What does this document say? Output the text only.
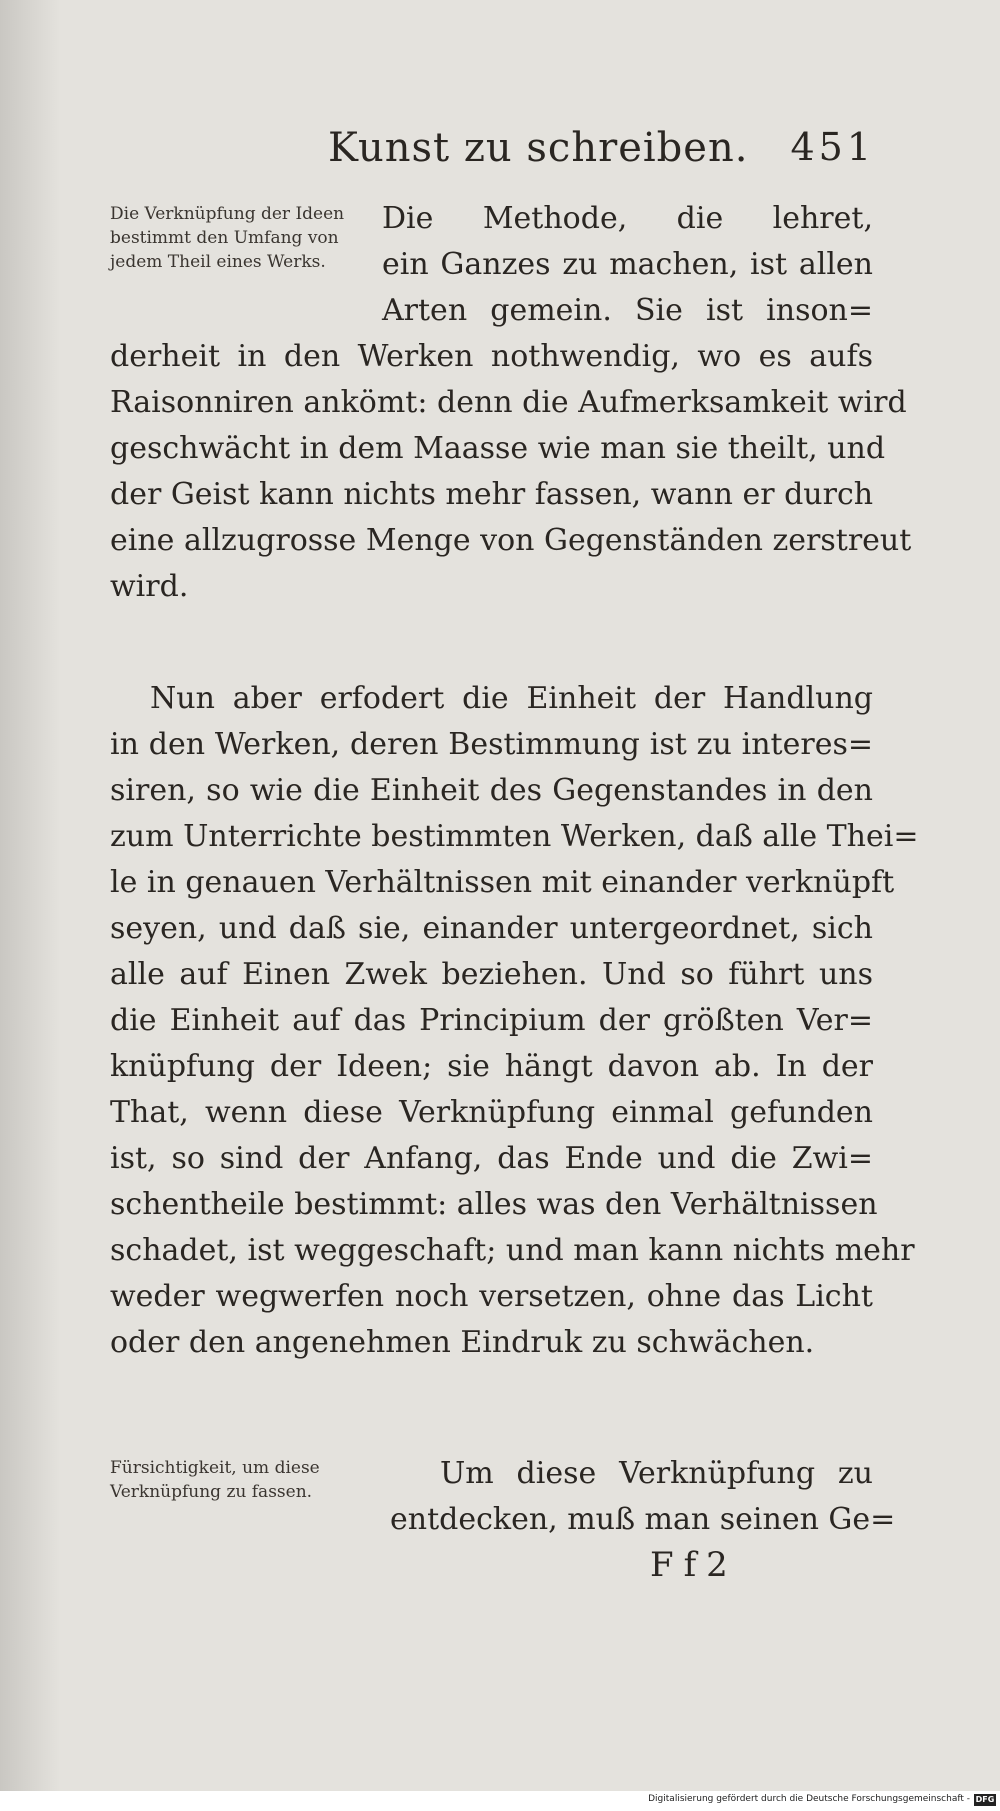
Kunst zu schreiben. 451
Die Verknüpfung der Ideen bestimmt den Umfang von jedem Theil eines Werks.
Die Methode, die lehret,
ein Ganzes zu machen, ist allen
Arten gemein. Sie ist inson=
derheit in den Werken nothwendig, wo es aufs
Raisonniren ankömt: denn die Aufmerksamkeit wird
geschwächt in dem Maasse wie man sie theilt, und
der Geist kann nichts mehr fassen, wann er durch
eine allzugrosse Menge von Gegenständen zerstreut
wird.
Nun aber erfodert die Einheit der Handlung
in den Werken, deren Bestimmung ist zu interes=
siren, so wie die Einheit des Gegenstandes in den
zum Unterrichte bestimmten Werken, daß alle Thei=
le in genauen Verhältnissen mit einander verknüpft
seyen, und daß sie, einander untergeordnet, sich
alle auf Einen Zwek beziehen. Und so führt uns
die Einheit auf das Principium der größten Ver=
knüpfung der Ideen; sie hängt davon ab. In der
That, wenn diese Verknüpfung einmal gefunden
ist, so sind der Anfang, das Ende und die Zwi=
schentheile bestimmt: alles was den Verhältnissen
schadet, ist weggeschaft; und man kann nichts mehr
weder wegwerfen noch versetzen, ohne das Licht
oder den angenehmen Eindruk zu schwächen.
Fürsichtigkeit, um diese Verknüpfung zu fassen.
Um diese Verknüpfung zu
entdecken, muß man seinen Ge=
Ff2
Digitalisierung gefördert durch die Deutsche Forschungsgemeinschaft - DFG
